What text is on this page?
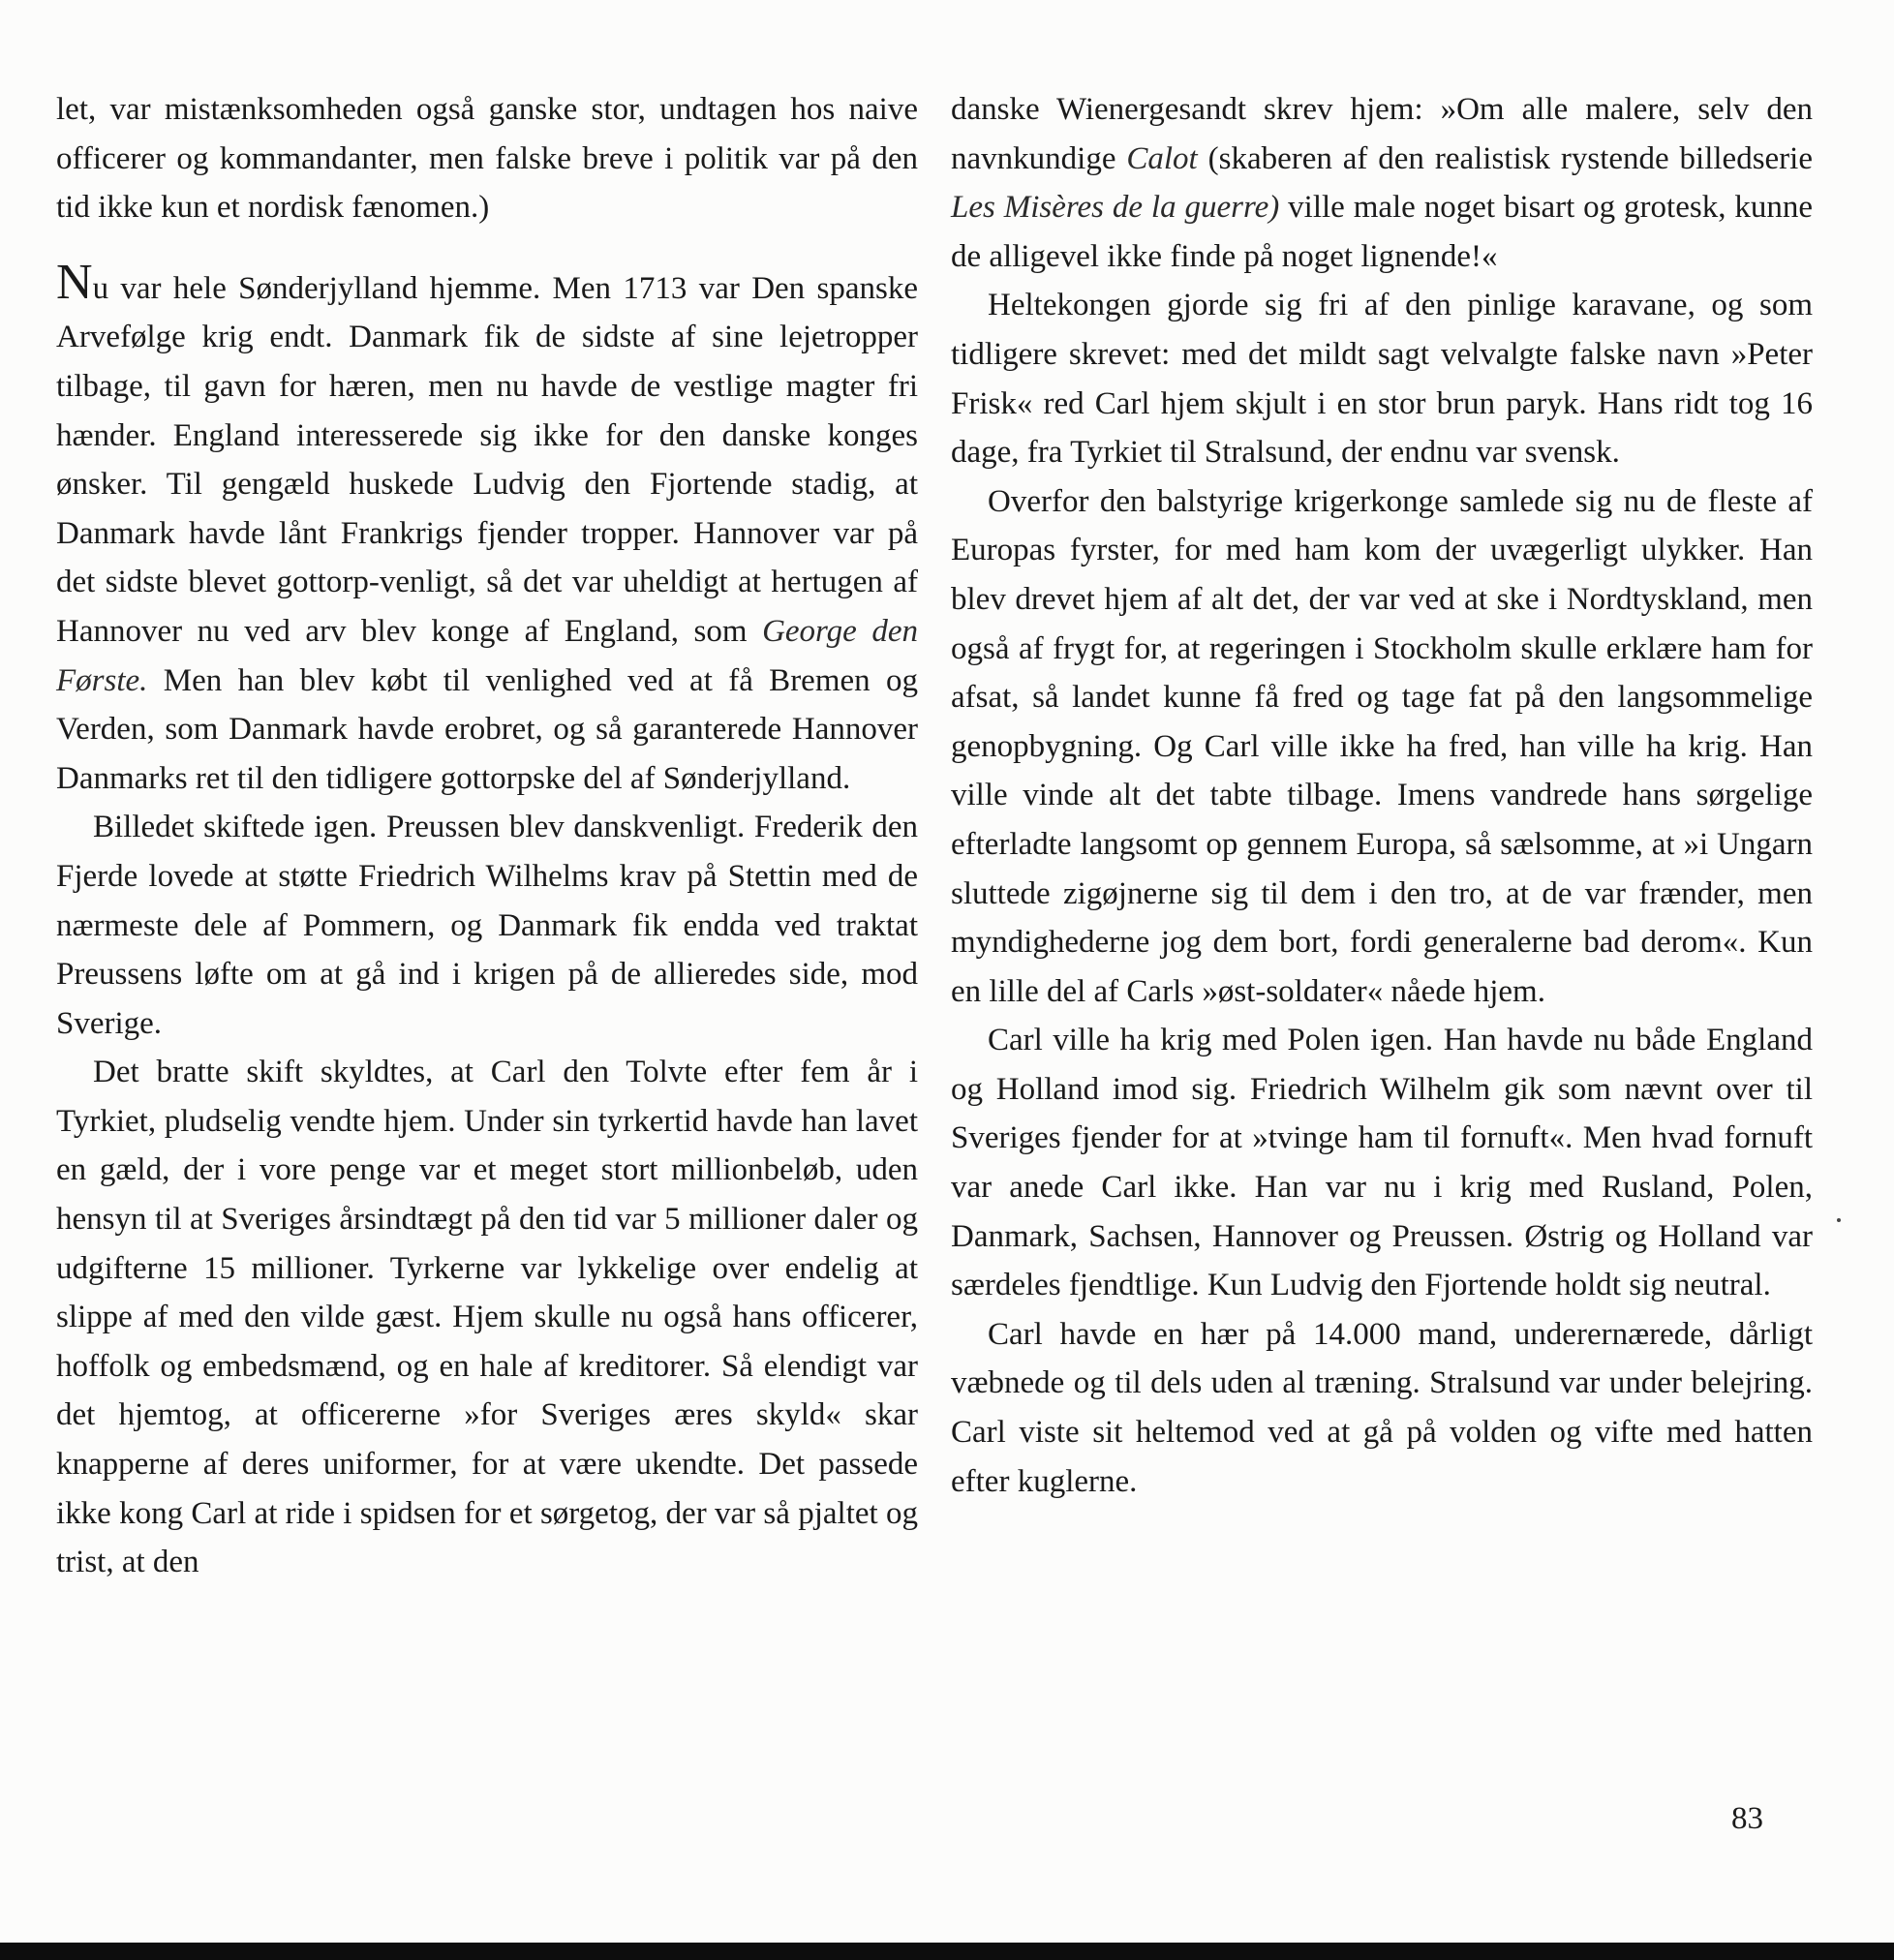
let, var mistænksomheden også ganske stor, undtagen hos naive officerer og kommandanter, men falske breve i politik var på den tid ikke kun et nordisk fænomen.)

Nu var hele Sønderjylland hjemme. Men 1713 var Den spanske Arvefølge krig endt. Danmark fik de sidste af sine lejetropper tilbage, til gavn for hæren, men nu havde de vestlige magter fri hænder. England interesserede sig ikke for den danske konges ønsker. Til gengæld huskede Ludvig den Fjortende stadig, at Danmark havde lånt Frankrigs fjender tropper. Hannover var på det sidste blevet gottorp-venligt, så det var uheldigt at hertugen af Hannover nu ved arv blev konge af England, som George den Første. Men han blev købt til venlighed ved at få Bremen og Verden, som Danmark havde erobret, og så garanterede Hannover Danmarks ret til den tidligere gottorpske del af Sønderjylland.

Billedet skiftede igen. Preussen blev danskvenligt. Frederik den Fjerde lovede at støtte Friedrich Wilhelms krav på Stettin med de nærmeste dele af Pommern, og Danmark fik endda ved traktat Preussens løfte om at gå ind i krigen på de allieredes side, mod Sverige.

Det bratte skift skyldtes, at Carl den Tolvte efter fem år i Tyrkiet, pludselig vendte hjem. Under sin tyrkertid havde han lavet en gæld, der i vore penge var et meget stort millionbeløb, uden hensyn til at Sveriges årsindtægt på den tid var 5 millioner daler og udgifterne 15 millioner. Tyrkerne var lykkelige over endelig at slippe af med den vilde gæst. Hjem skulle nu også hans officerer, hoffolk og embedsmænd, og en hale af kreditorer. Så elendigt var det hjemtog, at officererne »for Sveriges æres skyld« skar knapperne af deres uniformer, for at være ukendte. Det passede ikke kong Carl at ride i spidsen for et sørgetog, der var så pjaltet og trist, at den

danske Wienergesandt skrev hjem: »Om alle malere, selv den navnkundige Calot (skaberen af den realistisk rystende billedserie Les Misères de la guerre) ville male noget bisart og grotesk, kunne de alligevel ikke finde på noget lignende!«

Heltekongen gjorde sig fri af den pinlige karavane, og som tidligere skrevet: med det mildt sagt velvalgte falske navn »Peter Frisk« red Carl hjem skjult i en stor brun paryk. Hans ridt tog 16 dage, fra Tyrkiet til Stralsund, der endnu var svensk.

Overfor den balstyrige krigerkonge samlede sig nu de fleste af Europas fyrster, for med ham kom der uvægerligt ulykker. Han blev drevet hjem af alt det, der var ved at ske i Nordtyskland, men også af frygt for, at regeringen i Stockholm skulle erklære ham for afsat, så landet kunne få fred og tage fat på den langsommelige genopbygning. Og Carl ville ikke ha fred, han ville ha krig. Han ville vinde alt det tabte tilbage. Imens vandrede hans sørgelige efterladte langsomt op gennem Europa, så sælsomme, at »i Ungarn sluttede zigøjnerne sig til dem i den tro, at de var frænder, men myndighederne jog dem bort, fordi generalerne bad derom«. Kun en lille del af Carls »øst-soldater« nåede hjem.

Carl ville ha krig med Polen igen. Han havde nu både England og Holland imod sig. Friedrich Wilhelm gik som nævnt over til Sveriges fjender for at »tvinge ham til fornuft«. Men hvad fornuft var anede Carl ikke. Han var nu i krig med Rusland, Polen, Danmark, Sachsen, Hannover og Preussen. Østrig og Holland var særdeles fjendtlige. Kun Ludvig den Fjortende holdt sig neutral.

Carl havde en hær på 14.000 mand, underernærede, dårligt væbnede og til dels uden al træning. Stralsund var under belejring. Carl viste sit heltemod ved at gå på volden og vifte med hatten efter kuglerne.

83
